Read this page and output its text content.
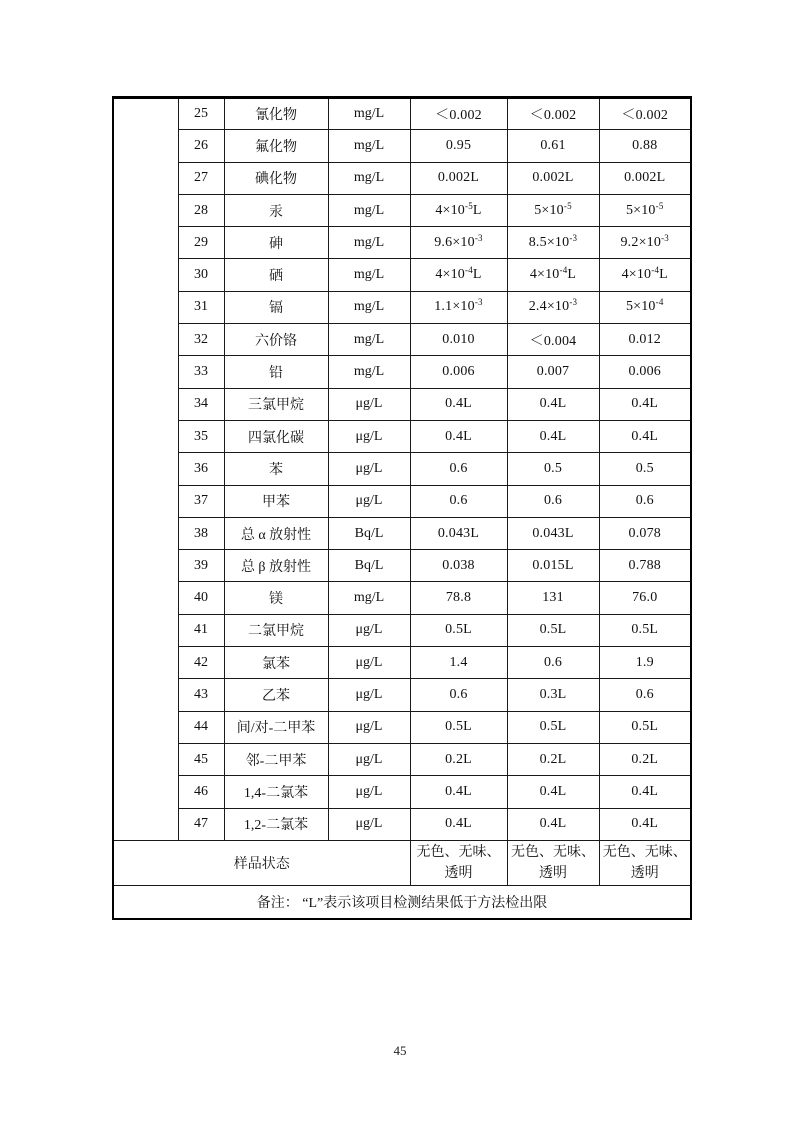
	25	氰化物	mg/L	＜0.002	＜0.002	＜0.002
	26	氟化物	mg/L	0.95	0.61	0.88
	27	碘化物	mg/L	0.002L	0.002L	0.002L
	28	汞	mg/L	$4\times 10^{-5}L$	$5\times 10^{-5}$	$5\times 10^{-5}$
	29	砷	mg/L	$9.6\times 10^{-3}$	$8.5\times 10^{-3}$	$9.2\times 10^{-3}$
	30	硒	mg/L	$4\times 10^{-4}L$	$4\times 10^{-4}L$	$4\times 10^{-4}L$
	31	镉	mg/L	$1.1\times 10^{-3}$	$2.4\times 10^{-3}$	$5\times 10^{-4}$
	32	六价铬	mg/L	0.010	＜0.004	0.012
	33	铅	mg/L	0.006	0.007	0.006
	34	三氯甲烷	μg/L	0.4L	0.4L	0.4L
	35	四氯化碳	μg/L	0.4L	0.4L	0.4L
	36	苯	μg/L	0.6	0.5	0.5
	37	甲苯	μg/L	0.6	0.6	0.6
	38	总 α 放射性	Bq/L	0.043L	0.043L	0.078
	39	总 β 放射性	Bq/L	0.038	0.015L	0.788
	40	镁	mg/L	78.8	131	76.0
	41	二氯甲烷	μg/L	0.5L	0.5L	0.5L
	42	氯苯	μg/L	1.4	0.6	1.9
	43	乙苯	μg/L	0.6	0.3L	0.6
	44	间/对-二甲苯	μg/L	0.5L	0.5L	0.5L
	45	邻-二甲苯	μg/L	0.2L	0.2L	0.2L
	46	1,4-二氯苯	μg/L	0.4L	0.4L	0.4L
	47	1,2-二氯苯	μg/L	0.4L	0.4L	0.4L
样品状态				无色、无味、透明	无色、无味、透明	无色、无味、透明
备注： “L”表示该项目检测结果低于方法检出限						
45
